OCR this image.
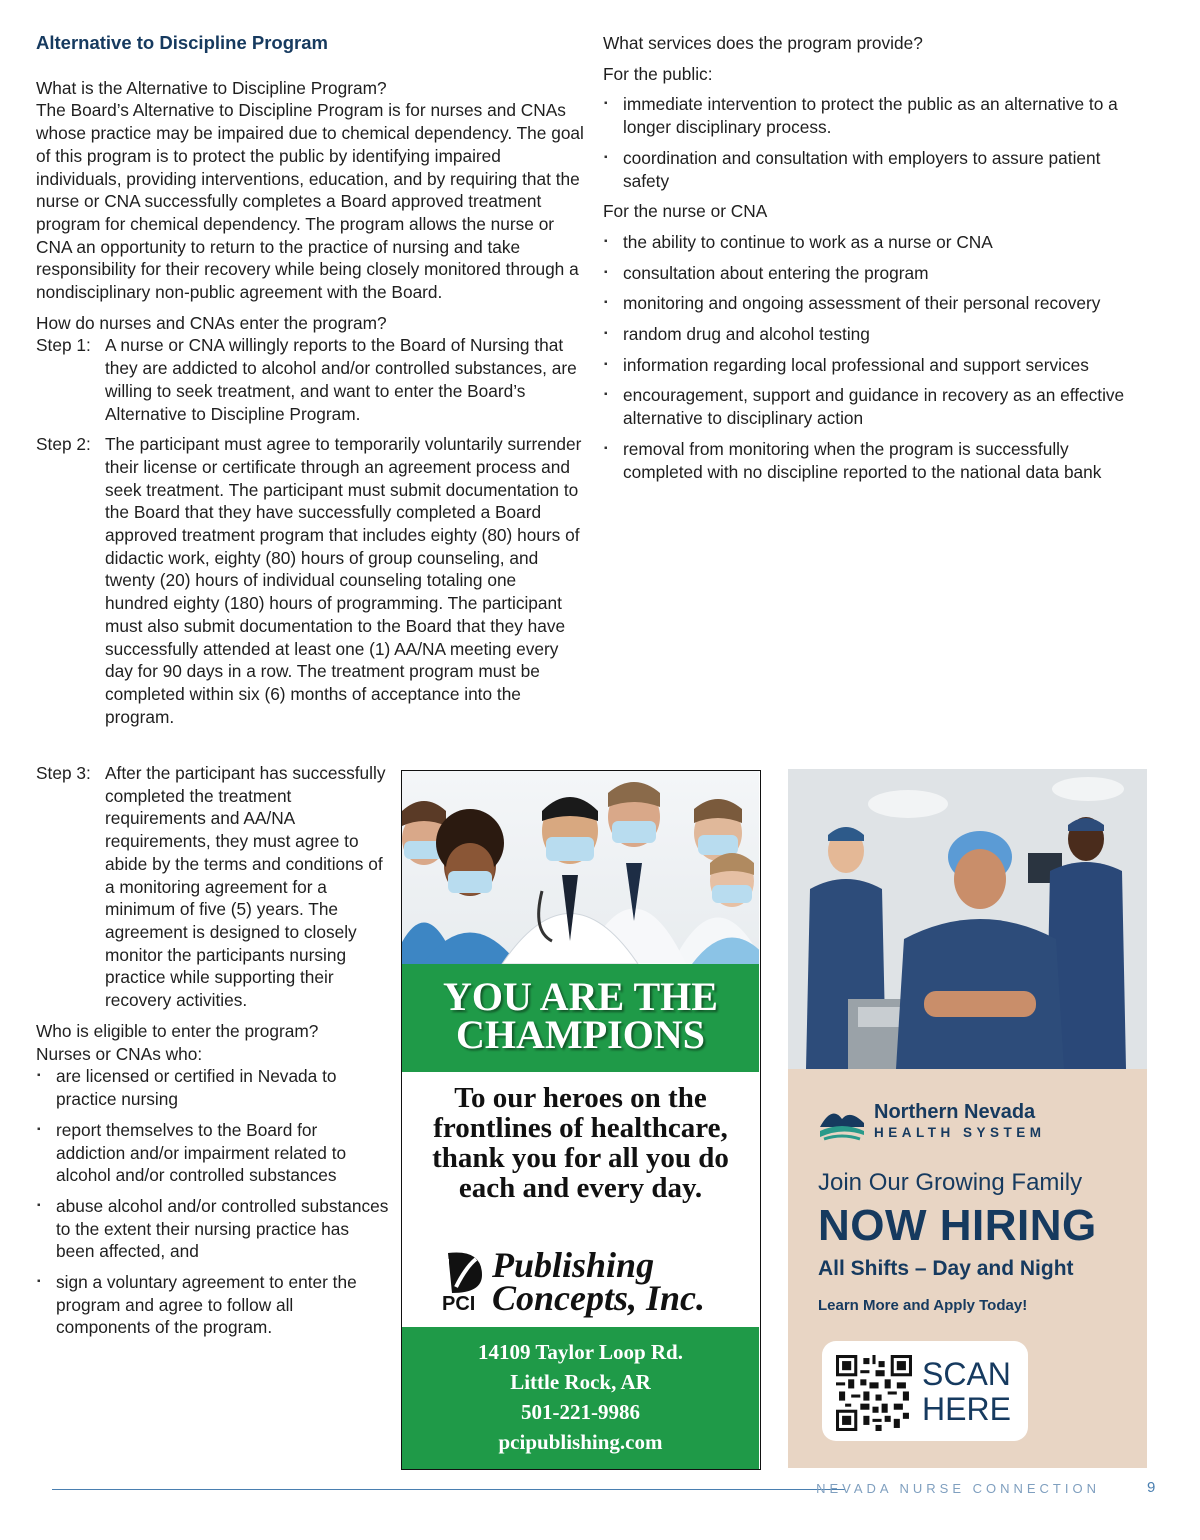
Alternative to Discipline Program

What is the Alternative to Discipline Program?

The Board’s Alternative to Discipline Program is for nurses and CNAs whose practice may be impaired due to chemical dependency. The goal of this program is to protect the public by identifying impaired individuals, providing interventions, education, and by requiring that the nurse or CNA successfully completes a Board approved treatment program for chemical dependency. The program allows the nurse or CNA an opportunity to return to the practice of nursing and take responsibility for their recovery while being closely monitored through a nondisciplinary non-public agreement with the Board.

How do nurses and CNAs enter the program?

Step 1: A nurse or CNA willingly reports to the Board of Nursing that they are addicted to alcohol and/or controlled substances, are willing to seek treatment, and want to enter the Board’s Alternative to Discipline Program.
Step 2: The participant must agree to temporarily voluntarily surrender their license or certificate through an agreement process and seek treatment. The participant must submit documentation to the Board that they have successfully completed a Board approved treatment program that includes eighty (80) hours of didactic work, eighty (80) hours of group counseling, and twenty (20) hours of individual counseling totaling one hundred eighty (180) hours of programming. The participant must also submit documentation to the Board that they have successfully attended at least one (1) AA/NA meeting every day for 90 days in a row. The treatment program must be completed within six (6) months of acceptance into the program.
Step 3: After the participant has successfully completed the treatment requirements and AA/NA requirements, they must agree to abide by the terms and conditions of a monitoring agreement for a minimum of five (5) years. The agreement is designed to closely monitor the participants nursing practice while supporting their recovery activities.

Who is eligible to enter the program?

Nurses or CNAs who:

▪ are licensed or certified in Nevada to practice nursing
▪ report themselves to the Board for addiction and/or impairment related to alcohol and/or controlled substances
▪ abuse alcohol and/or controlled substances to the extent their nursing practice has been affected, and
▪ sign a voluntary agreement to enter the program and agree to follow all components of the program.

What services does the program provide?

For the public:

▪ immediate intervention to protect the public as an alternative to a longer disciplinary process.
▪ coordination and consultation with employers to assure patient safety

For the nurse or CNA

▪ the ability to continue to work as a nurse or CNA
▪ consultation about entering the program
▪ monitoring and ongoing assessment of their personal recovery
▪ random drug and alcohol testing
▪ information regarding local professional and support services
▪ encouragement, support and guidance in recovery as an effective alternative to disciplinary action
▪ removal from monitoring when the program is successfully completed with no discipline reported to the national data bank
YOU ARE THE
CHAMPIONS
To our heroes on the frontlines of healthcare, thank you for all you do each and every day.
PCI
Publishing
Concepts, Inc.
14109 Taylor Loop Rd.
Little Rock, AR
501-221-9986
pcipublishing.com
Northern Nevada
HEALTH SYSTEM
Join Our Growing Family
NOW HIRING
All Shifts – Day and Night
Learn More and Apply Today!
SCAN
HERE
NEVADA NURSE CONNECTION	9
